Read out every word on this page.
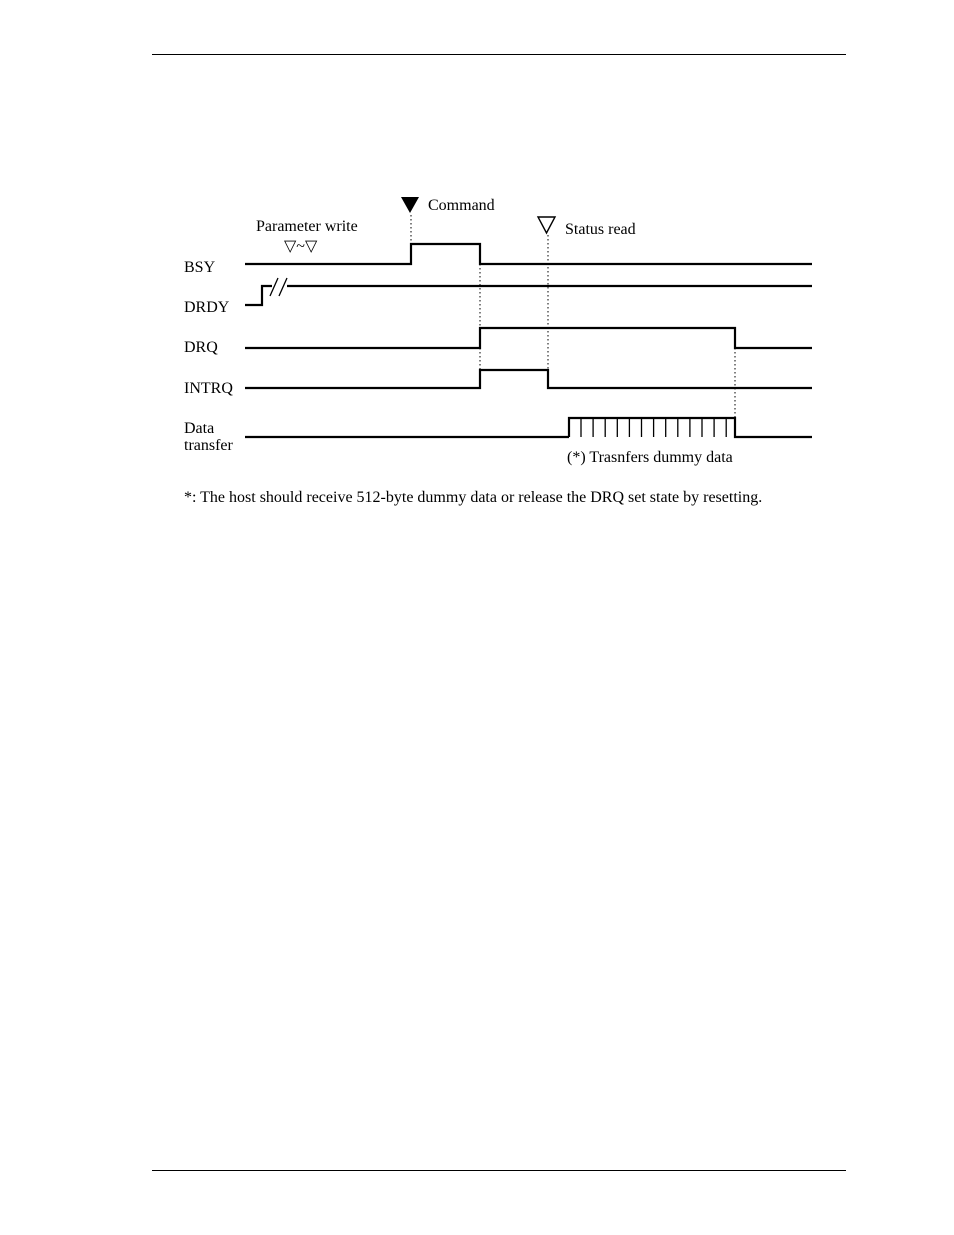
Parameter write
▽~▽
Command
Status read
BSY
DRDY
DRQ
INTRQ
Data
transfer
(*) Trasnfers dummy data
*: The host should receive 512-byte dummy data or release the DRQ set state by resetting.
